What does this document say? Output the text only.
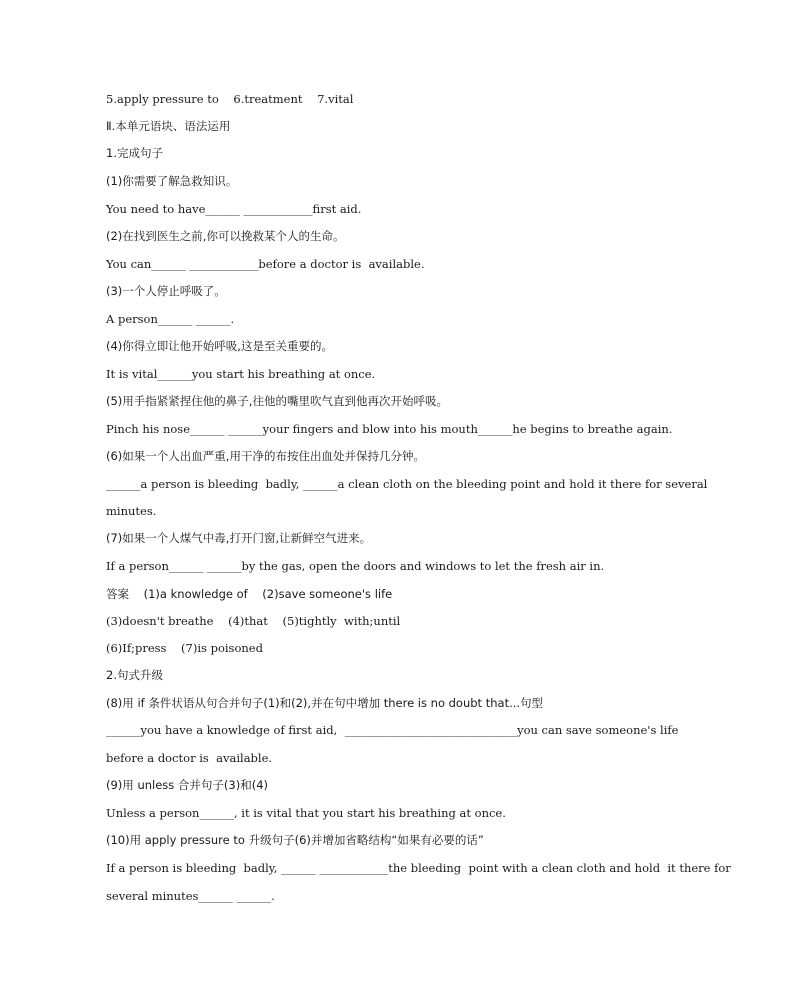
5.apply pressure to    6.treatment    7.vital
Ⅱ.本单元语块、语法运用
1.完成句子
(1)你需要了解急救知识。
You need to have______ ____________first aid.
(2)在找到医生之前,你可以挽救某个人的生命。
You can______ ____________before a doctor is  available.
(3)一个人停止呼吸了。
A person______ ______.
(4)你得立即让他开始呼吸,这是至关重要的。
It is vital______you start his breathing at once.
(5)用手指紧紧捏住他的鼻子,往他的嘴里吹气直到他再次开始呼吸。
Pinch his nose______ ______your fingers and blow into his mouth______he begins to breathe again.
(6)如果一个人出血严重,用干净的布按住出血处并保持几分钟。
______a person is bleeding  badly, ______a clean cloth on the bleeding point and hold it there for several
minutes.
(7)如果一个人煤气中毒,打开门窗,让新鲜空气进来。
If a person______ ______by the gas, open the doors and windows to let the fresh air in.
答案    (1)a knowledge of    (2)save someone's life
(3)doesn't breathe    (4)that    (5)tightly  with;until
(6)If;press    (7)is poisoned
2.句式升级
(8)用 if 条件状语从句合并句子(1)和(2),并在句中增加 there is no doubt that...句型
______you have a knowledge of first aid,  ______________________________you can save someone's life
before a doctor is  available.
(9)用 unless 合并句子(3)和(4)
Unless a person______, it is vital that you start his breathing at once.
(10)用 apply pressure to 升级句子(6)并增加省略结构“如果有必要的话”
If a person is bleeding  badly, ______ ____________the bleeding  point with a clean cloth and hold  it there for
several minutes______ ______.
